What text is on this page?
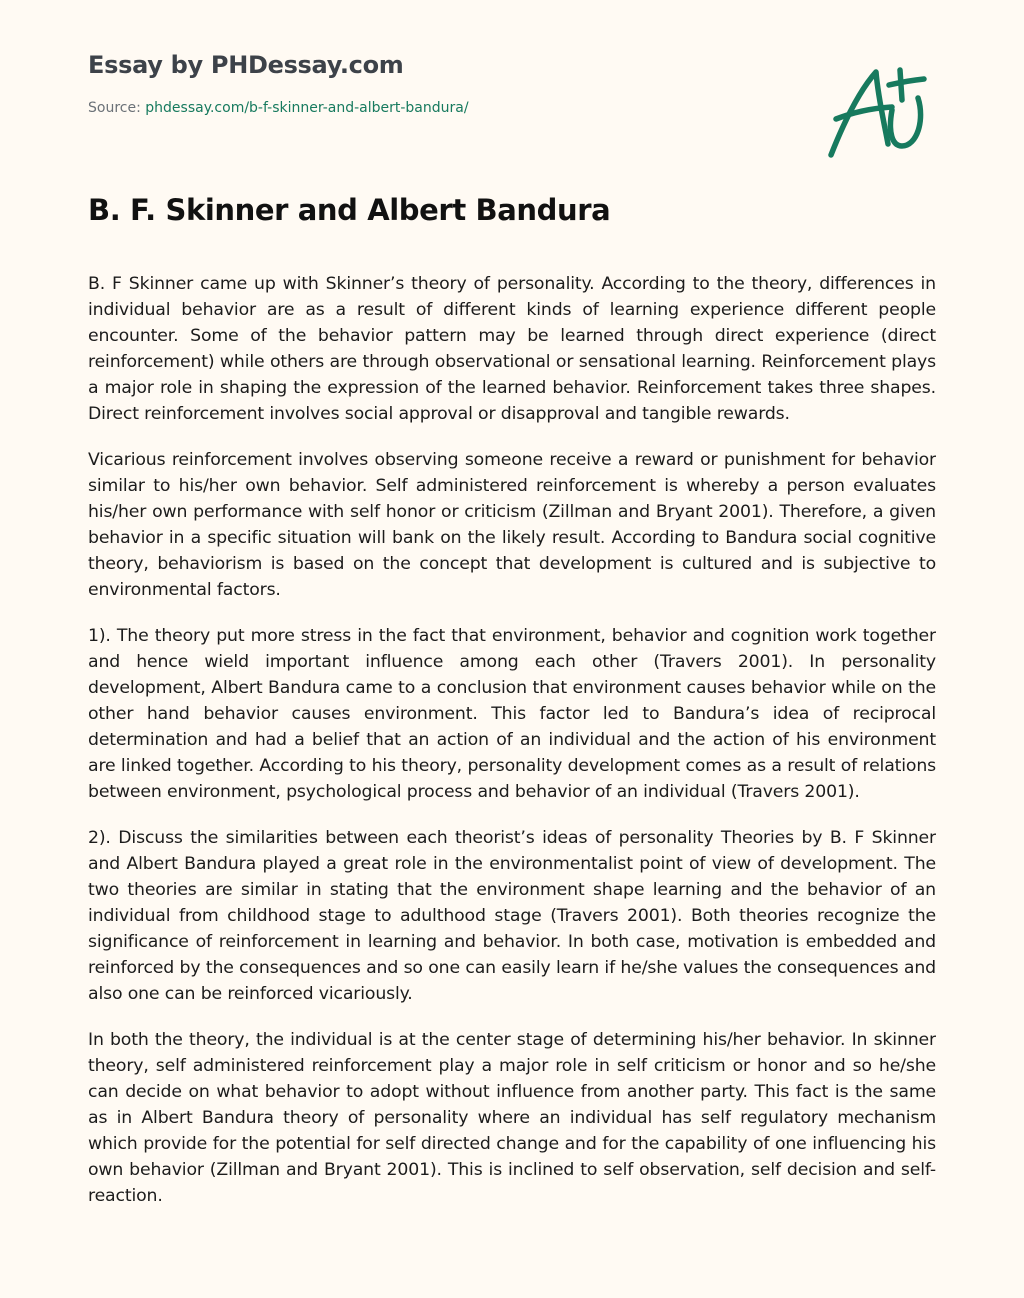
Essay by PHDessay.com
Source: phdessay.com/b-f-skinner-and-albert-bandura/
B. F. Skinner and Albert Bandura

B. F Skinner came up with Skinner’s theory of personality. According to the theory, differences in individual behavior are as a result of different kinds of learning experience different people encounter. Some of the behavior pattern may be learned through direct experience (direct reinforcement) while others are through observational or sensational learning. Reinforcement plays a major role in shaping the expression of the learned behavior. Reinforcement takes three shapes. Direct reinforcement involves social approval or disapproval and tangible rewards.

Vicarious reinforcement involves observing someone receive a reward or punishment for behavior similar to his/her own behavior. Self administered reinforcement is whereby a person evaluates his/her own performance with self honor or criticism (Zillman and Bryant 2001). Therefore, a given behavior in a specific situation will bank on the likely result. According to Bandura social cognitive theory, behaviorism is based on the concept that development is cultured and is subjective to environmental factors.

1). The theory put more stress in the fact that environment, behavior and cognition work together and hence wield important influence among each other (Travers 2001). In personality development, Albert Bandura came to a conclusion that environment causes behavior while on the other hand behavior causes environment. This factor led to Bandura’s idea of reciprocal determination and had a belief that an action of an individual and the action of his environment are linked together. According to his theory, personality development comes as a result of relations between environment, psychological process and behavior of an individual (Travers 2001).

2). Discuss the similarities between each theorist’s ideas of personality Theories by B. F Skinner and Albert Bandura played a great role in the environmentalist point of view of development. The two theories are similar in stating that the environment shape learning and the behavior of an individual from childhood stage to adulthood stage (Travers 2001). Both theories recognize the significance of reinforcement in learning and behavior. In both case, motivation is embedded and reinforced by the consequences and so one can easily learn if he/she values the consequences and also one can be reinforced vicariously.

In both the theory, the individual is at the center stage of determining his/her behavior. In skinner theory, self administered reinforcement play a major role in self criticism or honor and so he/she can decide on what behavior to adopt without influence from another party. This fact is the same as in Albert Bandura theory of personality where an individual has self regulatory mechanism which provide for the potential for self directed change and for the capability of one influencing his own behavior (Zillman and Bryant 2001). This is inclined to self observation, self decision and self-reaction.
